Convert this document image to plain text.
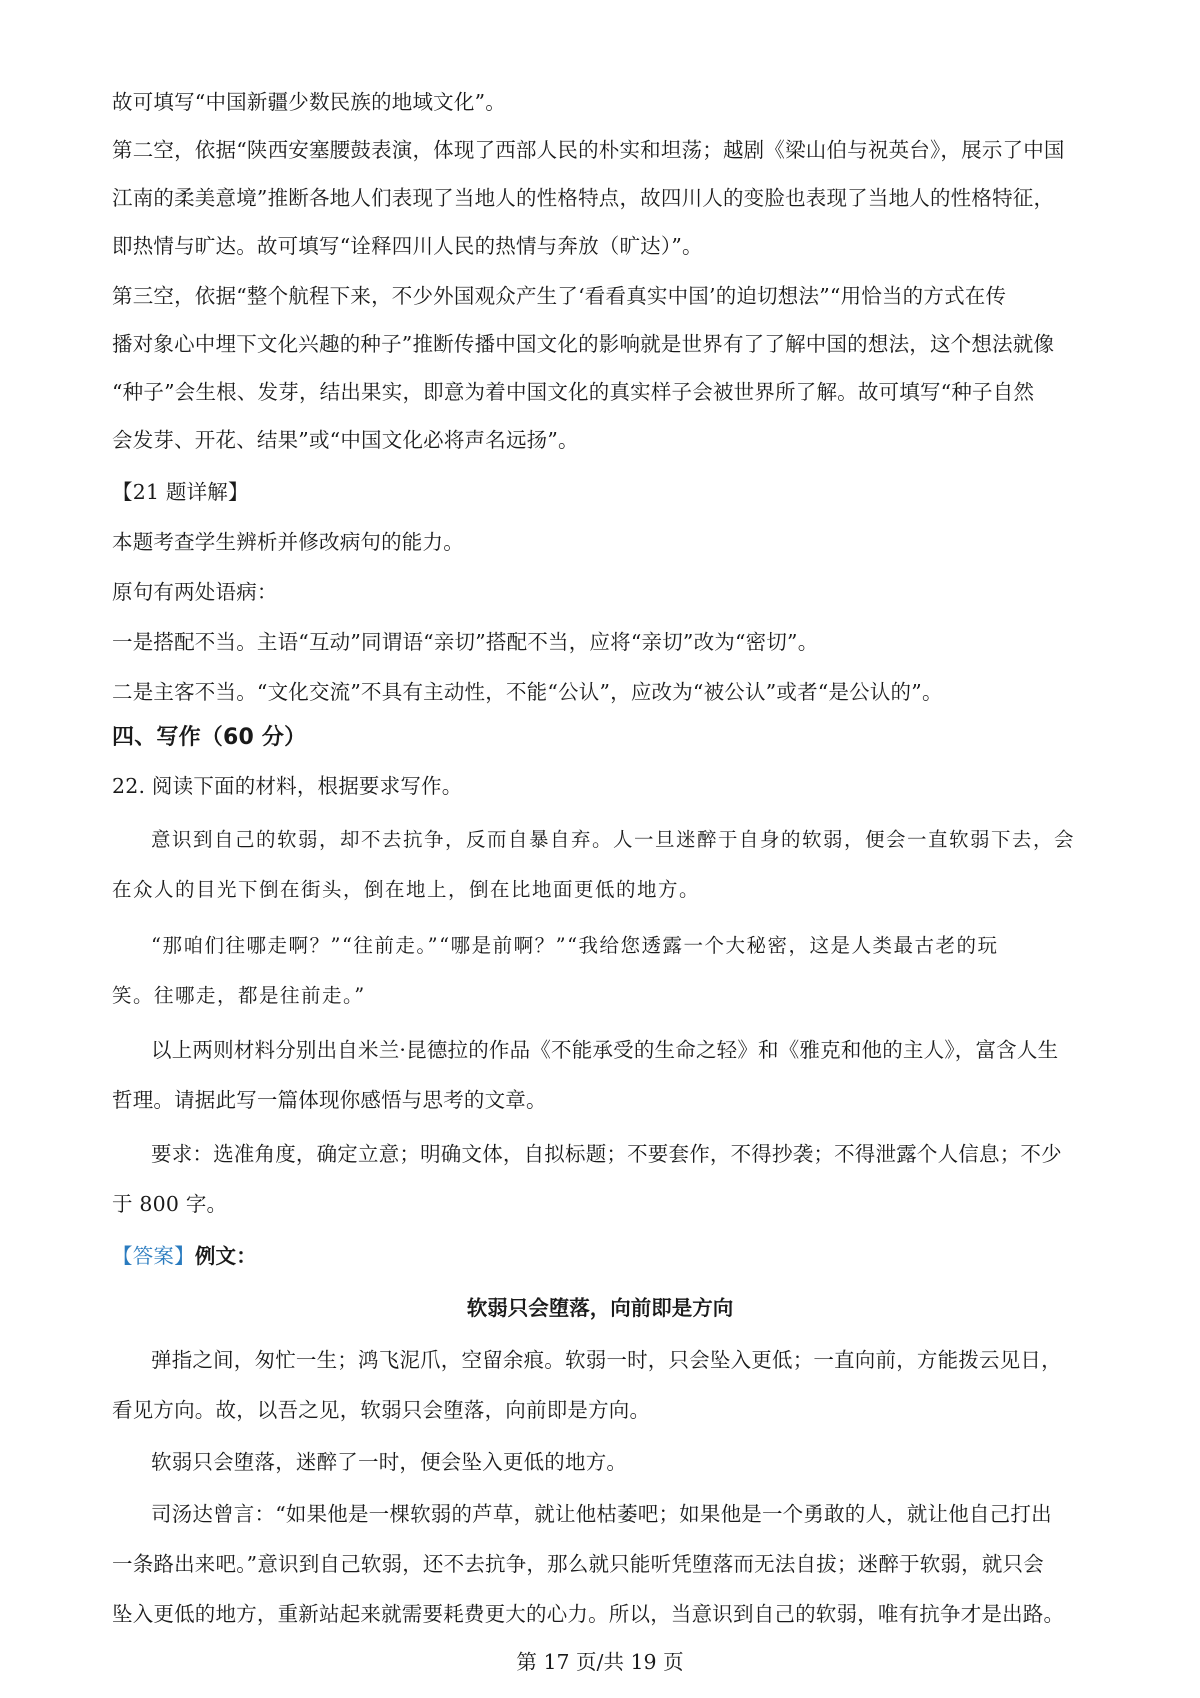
故可填写“中国新疆少数民族的地域文化”。
第二空，依据“陕西安塞腰鼓表演，体现了西部人民的朴实和坦荡；越剧《梁山伯与祝英台》，展示了中国
江南的柔美意境”推断各地人们表现了当地人的性格特点，故四川人的变脸也表现了当地人的性格特征，
即热情与旷达。故可填写“诠释四川人民的热情与奔放（旷达）”。
第三空，依据“整个航程下来，不少外国观众产生了‘看看真实中国’的迫切想法”“用恰当的方式在传
播对象心中埋下文化兴趣的种子”推断传播中国文化的影响就是世界有了了解中国的想法，这个想法就像
“种子”会生根、发芽，结出果实，即意为着中国文化的真实样子会被世界所了解。故可填写“种子自然
会发芽、开花、结果”或“中国文化必将声名远扬”。
【21 题详解】
本题考查学生辨析并修改病句的能力。
原句有两处语病：
一是搭配不当。主语“互动”同谓语“亲切”搭配不当，应将“亲切”改为“密切”。
二是主客不当。“文化交流”不具有主动性，不能“公认”，应改为“被公认”或者“是公认的”。
四、写作（60 分）
22. 阅读下面的材料，根据要求写作。
意识到自己的软弱，却不去抗争，反而自暴自弃。人一旦迷醉于自身的软弱，便会一直软弱下去，会
在众人的目光下倒在街头，倒在地上，倒在比地面更低的地方。
“那咱们往哪走啊？”“往前走。”“哪是前啊？”“我给您透露一个大秘密，这是人类最古老的玩
笑。往哪走，都是往前走。”
以上两则材料分别出自米兰·昆德拉的作品《不能承受的生命之轻》和《雅克和他的主人》，富含人生
哲理。请据此写一篇体现你感悟与思考的文章。
要求：选准角度，确定立意；明确文体，自拟标题；不要套作，不得抄袭；不得泄露个人信息；不少
于 800 字。
【答案】例文：
软弱只会堕落，向前即是方向
弹指之间，匆忙一生；鸿飞泥爪，空留余痕。软弱一时，只会坠入更低；一直向前，方能拨云见日，
看见方向。故，以吾之见，软弱只会堕落，向前即是方向。
软弱只会堕落，迷醉了一时，便会坠入更低的地方。
司汤达曾言：“如果他是一棵软弱的芦草，就让他枯萎吧；如果他是一个勇敢的人，就让他自己打出
一条路出来吧。”意识到自己软弱，还不去抗争，那么就只能听凭堕落而无法自拔；迷醉于软弱，就只会
坠入更低的地方，重新站起来就需要耗费更大的心力。所以，当意识到自己的软弱，唯有抗争才是出路。
第 17 页/共 19 页
